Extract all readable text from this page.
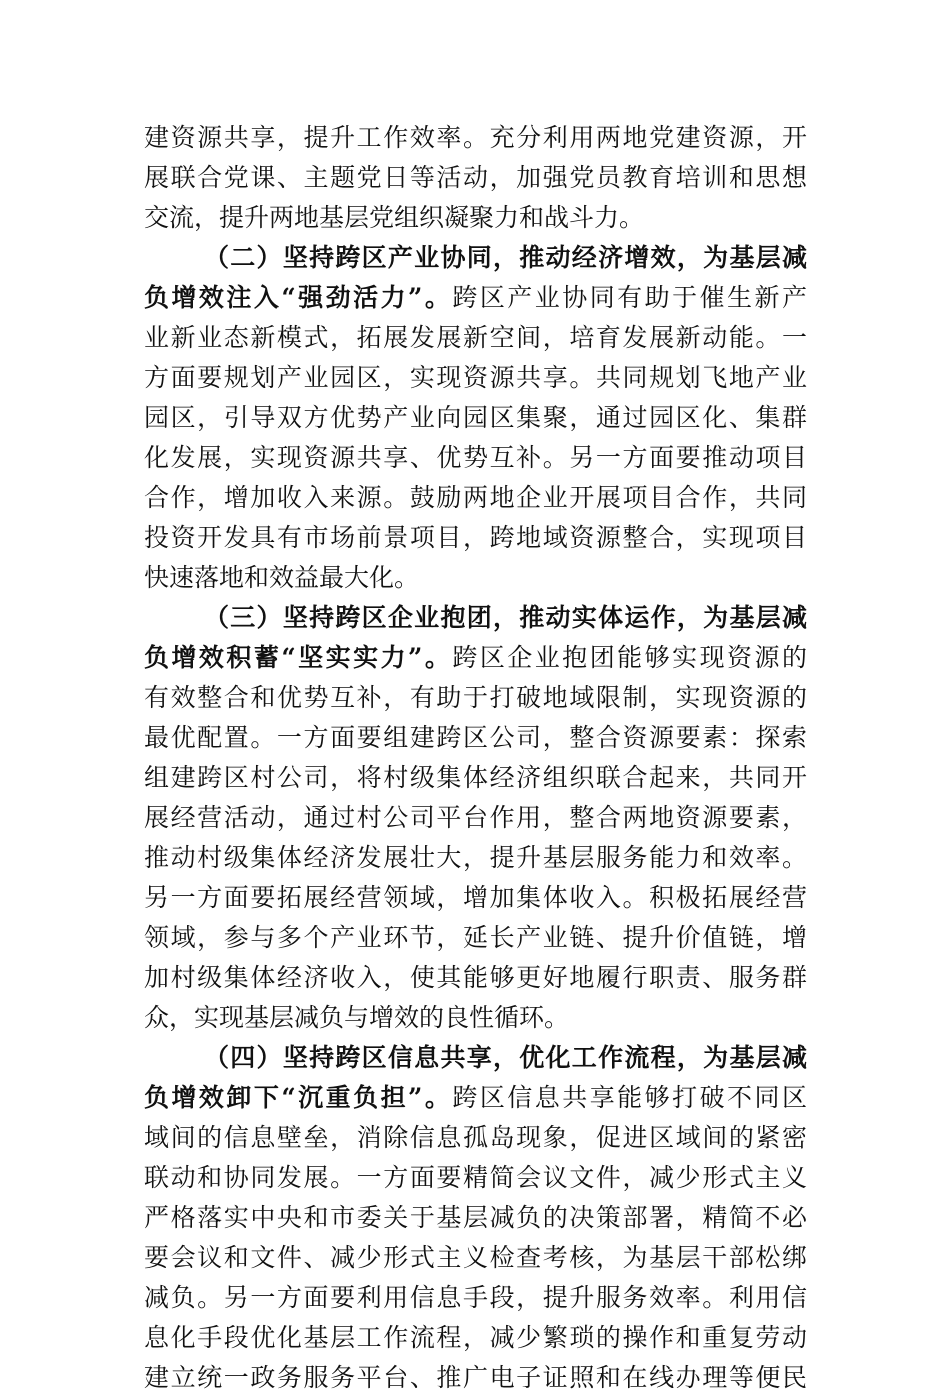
建资源共享，提升工作效率。充分利用两地党建资源，开
展联合党课、主题党日等活动，加强党员教育培训和思想
交流，提升两地基层党组织凝聚力和战斗力。
（二）坚持跨区产业协同，推动经济增效，为基层减
负增效注入“强劲活力”。跨区产业协同有助于催生新产
业新业态新模式，拓展发展新空间，培育发展新动能。一
方面要规划产业园区，实现资源共享。共同规划飞地产业
园区，引导双方优势产业向园区集聚，通过园区化、集群
化发展，实现资源共享、优势互补。另一方面要推动项目
合作，增加收入来源。鼓励两地企业开展项目合作，共同
投资开发具有市场前景项目，跨地域资源整合，实现项目
快速落地和效益最大化。
（三）坚持跨区企业抱团，推动实体运作，为基层减
负增效积蓄“坚实实力”。跨区企业抱团能够实现资源的
有效整合和优势互补，有助于打破地域限制，实现资源的
最优配置。一方面要组建跨区公司，整合资源要素：探索
组建跨区村公司，将村级集体经济组织联合起来，共同开
展经营活动，通过村公司平台作用，整合两地资源要素，
推动村级集体经济发展壮大，提升基层服务能力和效率。
另一方面要拓展经营领域，增加集体收入。积极拓展经营
领域，参与多个产业环节，延长产业链、提升价值链，增
加村级集体经济收入，使其能够更好地履行职责、服务群
众，实现基层减负与增效的良性循环。
（四）坚持跨区信息共享，优化工作流程，为基层减
负增效卸下“沉重负担”。跨区信息共享能够打破不同区
域间的信息壁垒，消除信息孤岛现象，促进区域间的紧密
联动和协同发展。一方面要精简会议文件，减少形式主义
严格落实中央和市委关于基层减负的决策部署，精简不必
要会议和文件、减少形式主义检查考核，为基层干部松绑
减负。另一方面要利用信息手段，提升服务效率。利用信
息化手段优化基层工作流程，减少繁琐的操作和重复劳动
建立统一政务服务平台、推广电子证照和在线办理等便民
